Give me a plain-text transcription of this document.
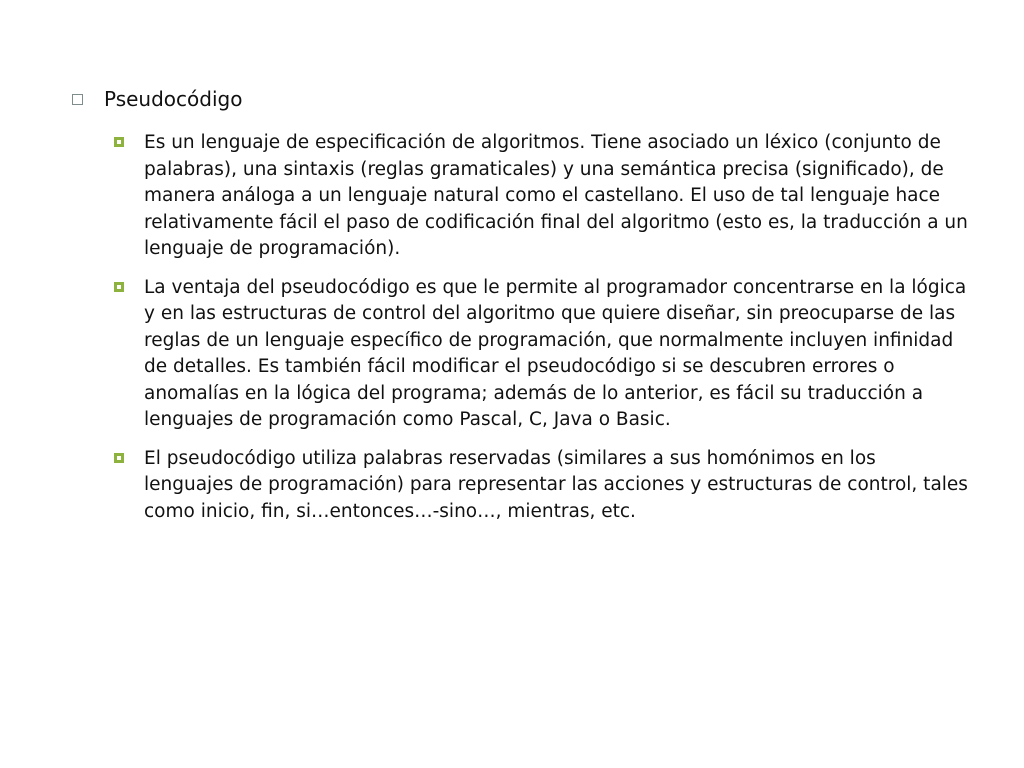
Pseudocódigo
Es un lenguaje de especificación de algoritmos. Tiene asociado un léxico (conjunto de palabras), una sintaxis (reglas gramaticales) y una semántica precisa (significado), de manera análoga a un lenguaje natural como el castellano. El uso de tal lenguaje hace relativamente fácil el paso de codificación final del algoritmo (esto es, la traducción a un lenguaje de programación).
La ventaja del pseudocódigo es que le permite al programador concentrarse en la lógica y en las estructuras de control del algoritmo que quiere diseñar, sin preocuparse de las reglas de un lenguaje específico de programación, que normalmente incluyen infinidad de detalles. Es también fácil modificar el pseudocódigo si se descubren errores o anomalías en la lógica del programa; además de lo anterior, es fácil su traducción a lenguajes de programación como Pascal, C, Java o Basic.
El pseudocódigo utiliza palabras reservadas (similares a sus homónimos en los lenguajes de programación) para representar las acciones y estructuras de control, tales como inicio, fin, si…entonces…-sino…, mientras, etc.
